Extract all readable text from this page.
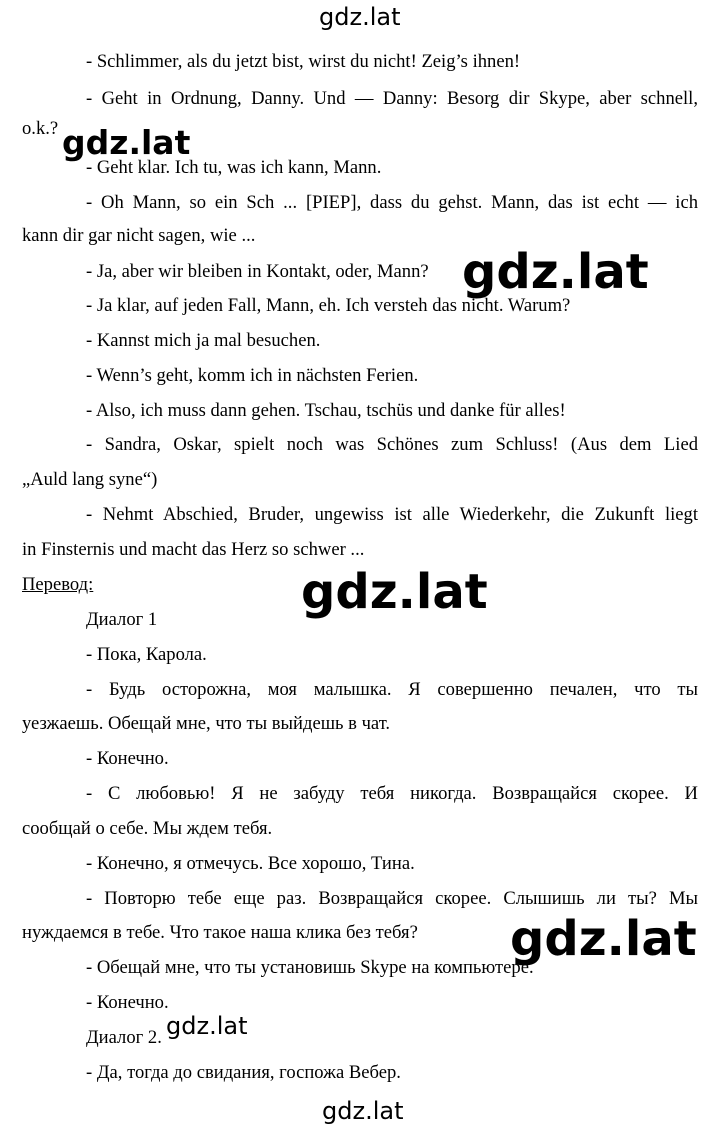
gdz.lat
- Schlimmer, als du jetzt bist, wirst du nicht! Zeig’s ihnen!
- Geht in Ordnung, Danny. Und — Danny: Besorg dir Skype, aber schnell,
o.k.? gdz.lat
- Geht klar. Ich tu, was ich kann, Mann.
- Oh Mann, so ein Sch ... [PIEP], dass du gehst. Mann, das ist echt — ich
kann dir gar nicht sagen, wie ...
- Ja, aber wir bleiben in Kontakt, oder, Mann? gdz.lat
- Ja klar, auf jeden Fall, Mann, eh. Ich versteh das nicht. Warum?
- Kannst mich ja mal besuchen.
- Wenn’s geht, komm ich in nächsten Ferien.
- Also, ich muss dann gehen. Tschau, tschüs und danke für alles!
- Sandra, Oskar, spielt noch was Schönes zum Schluss! (Aus dem Lied
„Auld lang syne“)
- Nehmt Abschied, Bruder, ungewiss ist alle Wiederkehr, die Zukunft liegt
in Finsternis und macht das Herz so schwer ...
Перевод:	gdz.lat
Диалог 1
- Пока, Карола.
- Будь осторожна, моя малышка. Я совершенно печален, что ты
уезжаешь. Обещай мне, что ты выйдешь в чат.
- Конечно.
- С любовью! Я не забуду тебя никогда. Возвращайся скорее. И
сообщай о себе. Мы ждем тебя.
- Конечно, я отмечусь. Все хорошо, Тина.
- Повторю тебе еще раз. Возвращайся скорее. Слышишь ли ты? Мы
нуждаемся в тебе. Что такое наша клика без тебя?	gdz.lat
- Обещай мне, что ты установишь Skype на компьютере.
- Конечно.
Диалог 2. gdz.lat
- Да, тогда до свидания, госпожа Вебер.
gdz.lat
